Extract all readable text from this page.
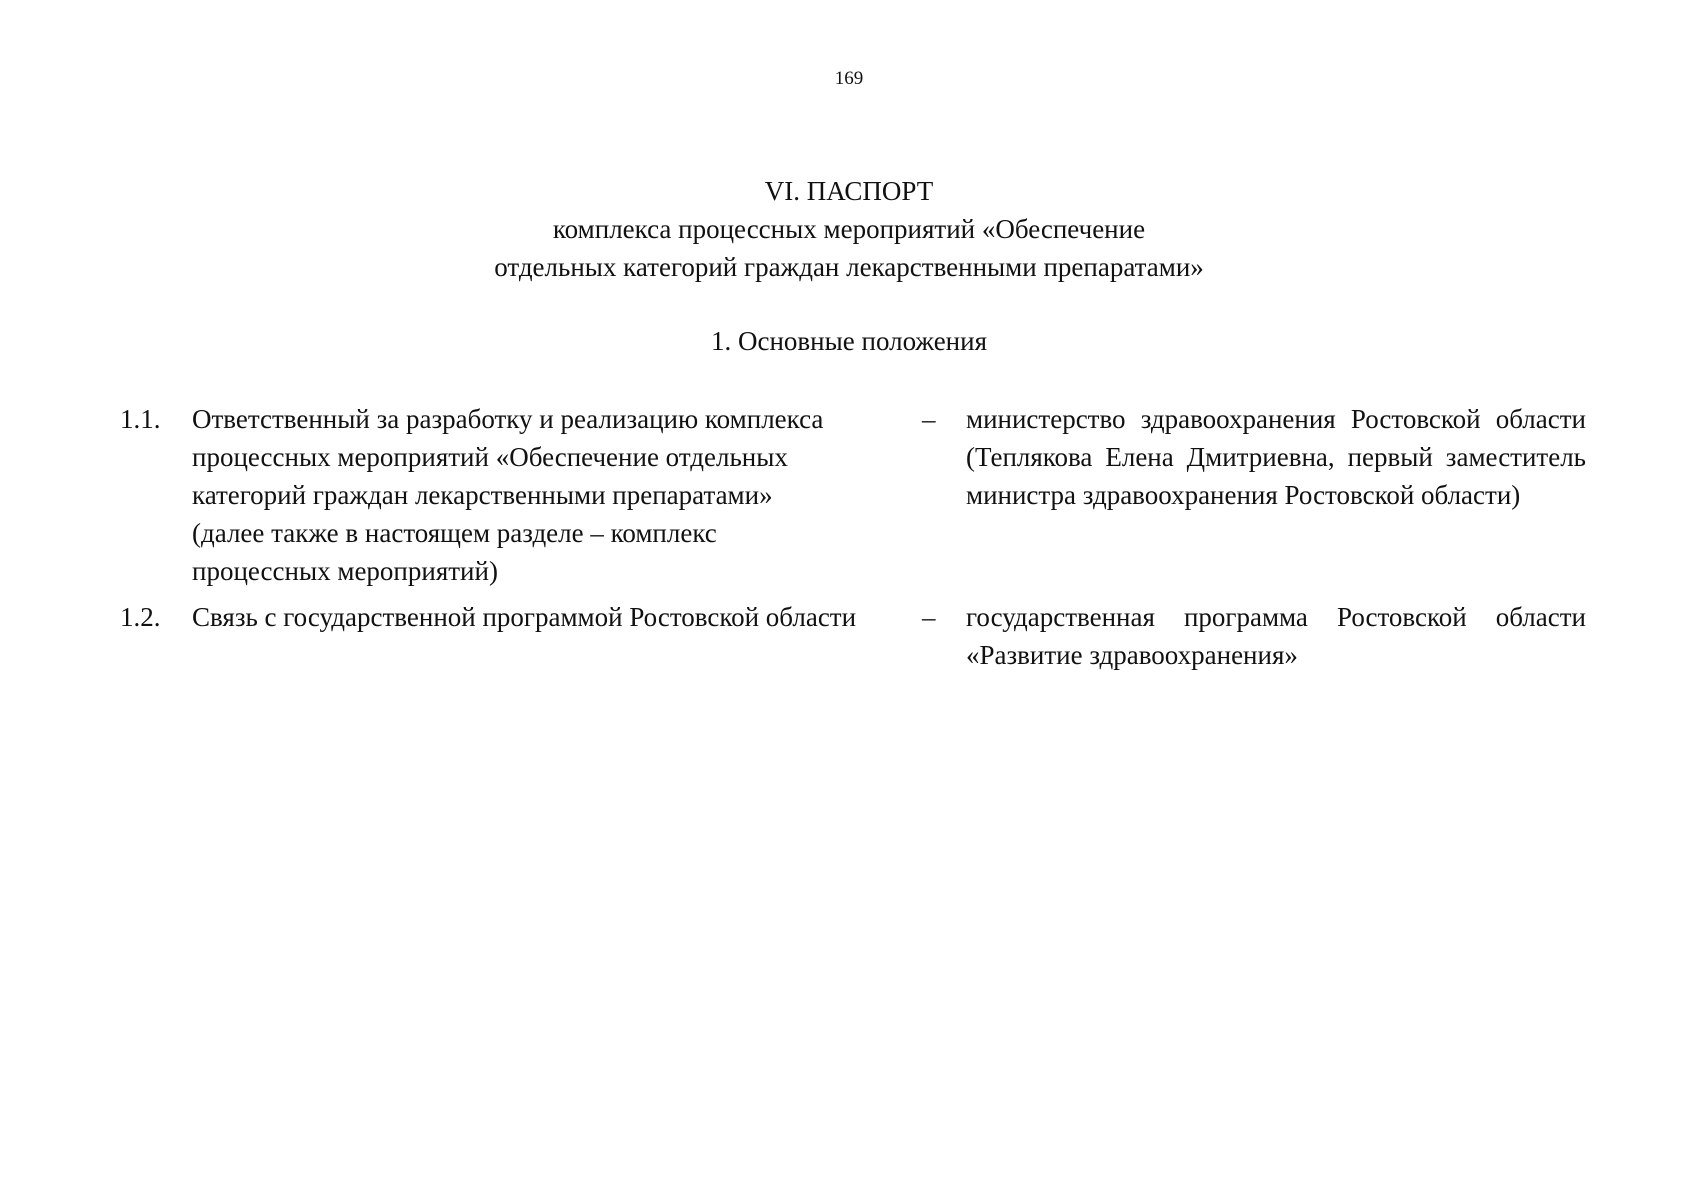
169
VI. ПАСПОРТ
комплекса процессных мероприятий «Обеспечение
отдельных категорий граждан лекарственными препаратами»
1. Основные положения
1.1. Ответственный за разработку и реализацию комплекса
процессных мероприятий «Обеспечение отдельных
категорий граждан лекарственными препаратами»
(далее также в настоящем разделе – комплекс
процессных мероприятий)
– министерство здравоохранения Ростовской области (Теплякова Елена Дмитриевна, первый заместитель министра здравоохранения Ростовской области)
1.2. Связь с государственной программой Ростовской области	– государственная программа Ростовской области «Развитие здравоохранения»
